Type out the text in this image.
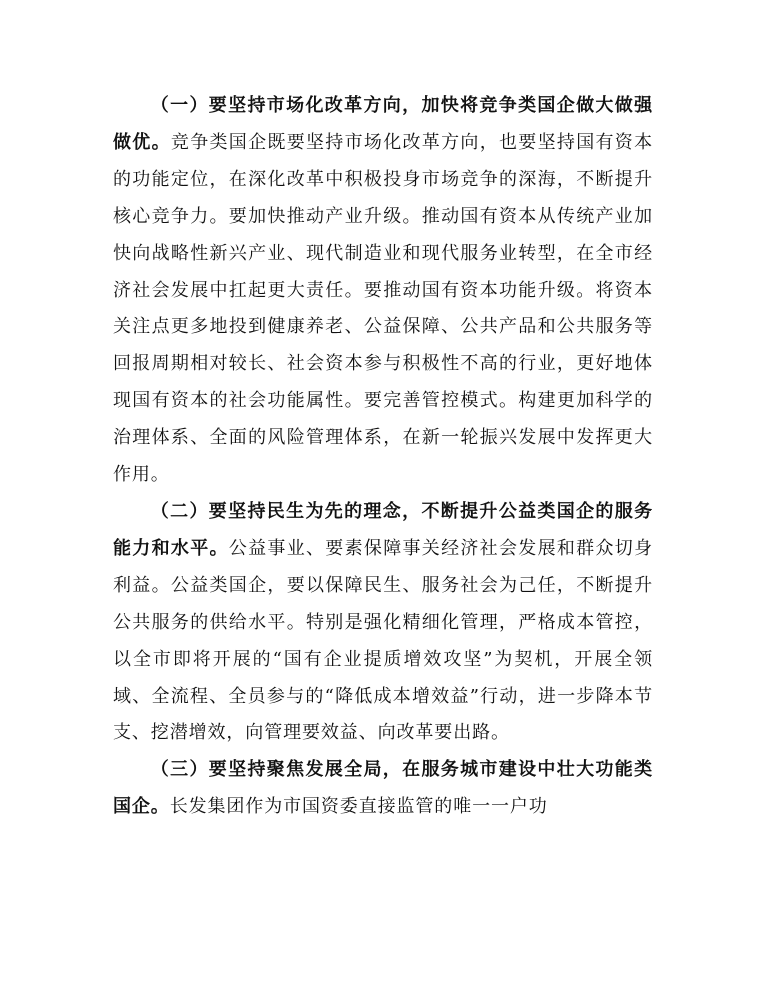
（一）要坚持市场化改革方向，加快将竞争类国企做大做强做优。竞争类国企既要坚持市场化改革方向，也要坚持国有资本的功能定位，在深化改革中积极投身市场竞争的深海，不断提升核心竞争力。要加快推动产业升级。推动国有资本从传统产业加快向战略性新兴产业、现代制造业和现代服务业转型，在全市经济社会发展中扛起更大责任。要推动国有资本功能升级。将资本关注点更多地投到健康养老、公益保障、公共产品和公共服务等回报周期相对较长、社会资本参与积极性不高的行业，更好地体现国有资本的社会功能属性。要完善管控模式。构建更加科学的治理体系、全面的风险管理体系，在新一轮振兴发展中发挥更大作用。

（二）要坚持民生为先的理念，不断提升公益类国企的服务能力和水平。公益事业、要素保障事关经济社会发展和群众切身利益。公益类国企，要以保障民生、服务社会为己任，不断提升公共服务的供给水平。特别是强化精细化管理，严格成本管控，以全市即将开展的“国有企业提质增效攻坚”为契机，开展全领域、全流程、全员参与的“降低成本增效益”行动，进一步降本节支、挖潜增效，向管理要效益、向改革要出路。

（三）要坚持聚焦发展全局，在服务城市建设中壮大功能类国企。长发集团作为市国资委直接监管的唯一一户功
